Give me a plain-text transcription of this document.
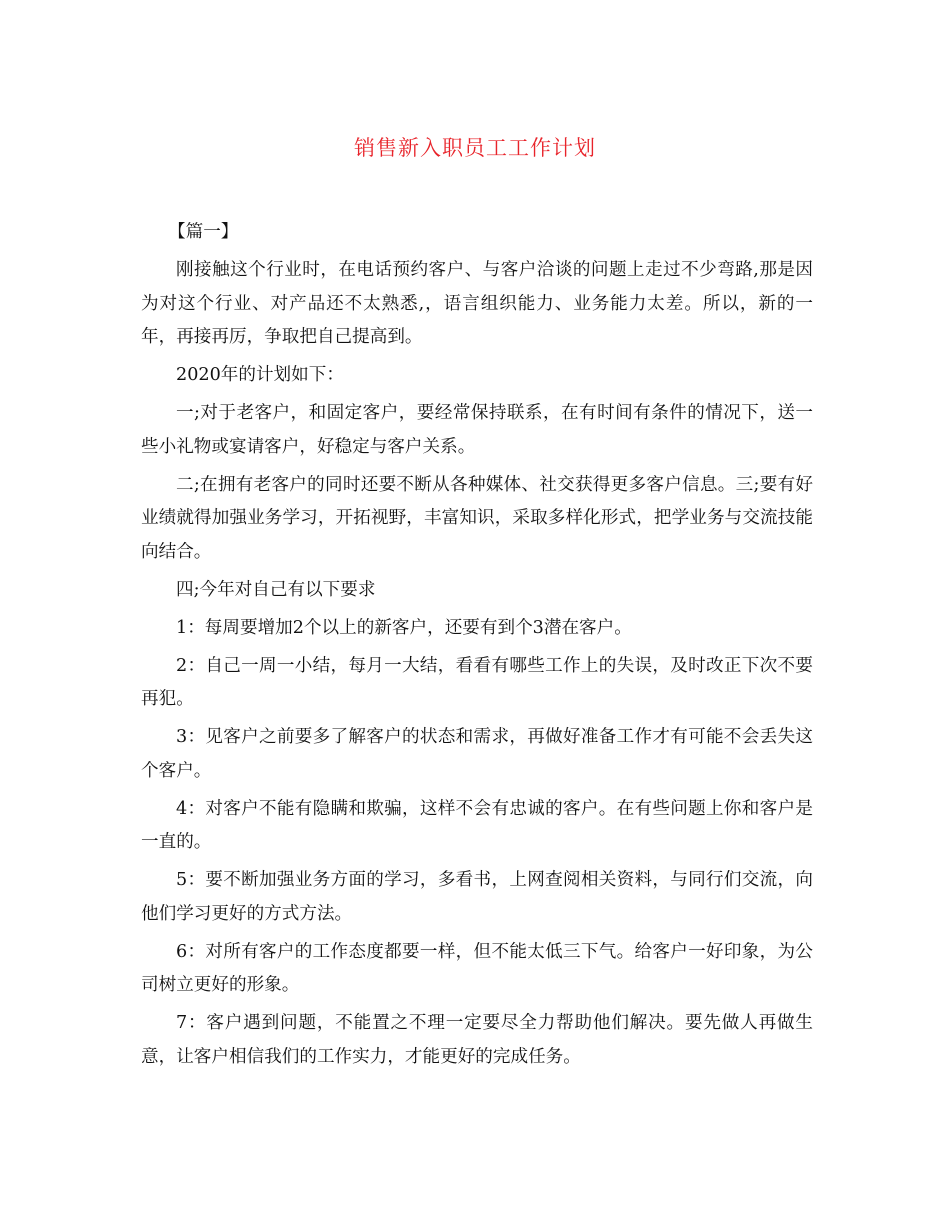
销售新入职员工工作计划

【篇一】

刚接触这个行业时，在电话预约客户、与客户洽谈的问题上走过不少弯路,那是因为对这个行业、对产品还不太熟悉,，语言组织能力、业务能力太差。所以，新的一年，再接再厉，争取把自己提高到。

2020年的计划如下：

一;对于老客户，和固定客户，要经常保持联系，在有时间有条件的情况下，送一些小礼物或宴请客户，好稳定与客户关系。

二;在拥有老客户的同时还要不断从各种媒体、社交获得更多客户信息。三;要有好业绩就得加强业务学习，开拓视野，丰富知识，采取多样化形式，把学业务与交流技能向结合。

四;今年对自己有以下要求

1：每周要增加2个以上的新客户，还要有到个3潜在客户。

2：自己一周一小结，每月一大结，看看有哪些工作上的失误，及时改正下次不要再犯。

3：见客户之前要多了解客户的状态和需求，再做好准备工作才有可能不会丢失这个客户。

4：对客户不能有隐瞒和欺骗，这样不会有忠诚的客户。在有些问题上你和客户是一直的。

5：要不断加强业务方面的学习，多看书，上网查阅相关资料，与同行们交流，向他们学习更好的方式方法。

6：对所有客户的工作态度都要一样，但不能太低三下气。给客户一好印象，为公司树立更好的形象。

7：客户遇到问题，不能置之不理一定要尽全力帮助他们解决。要先做人再做生意，让客户相信我们的工作实力，才能更好的完成任务。
